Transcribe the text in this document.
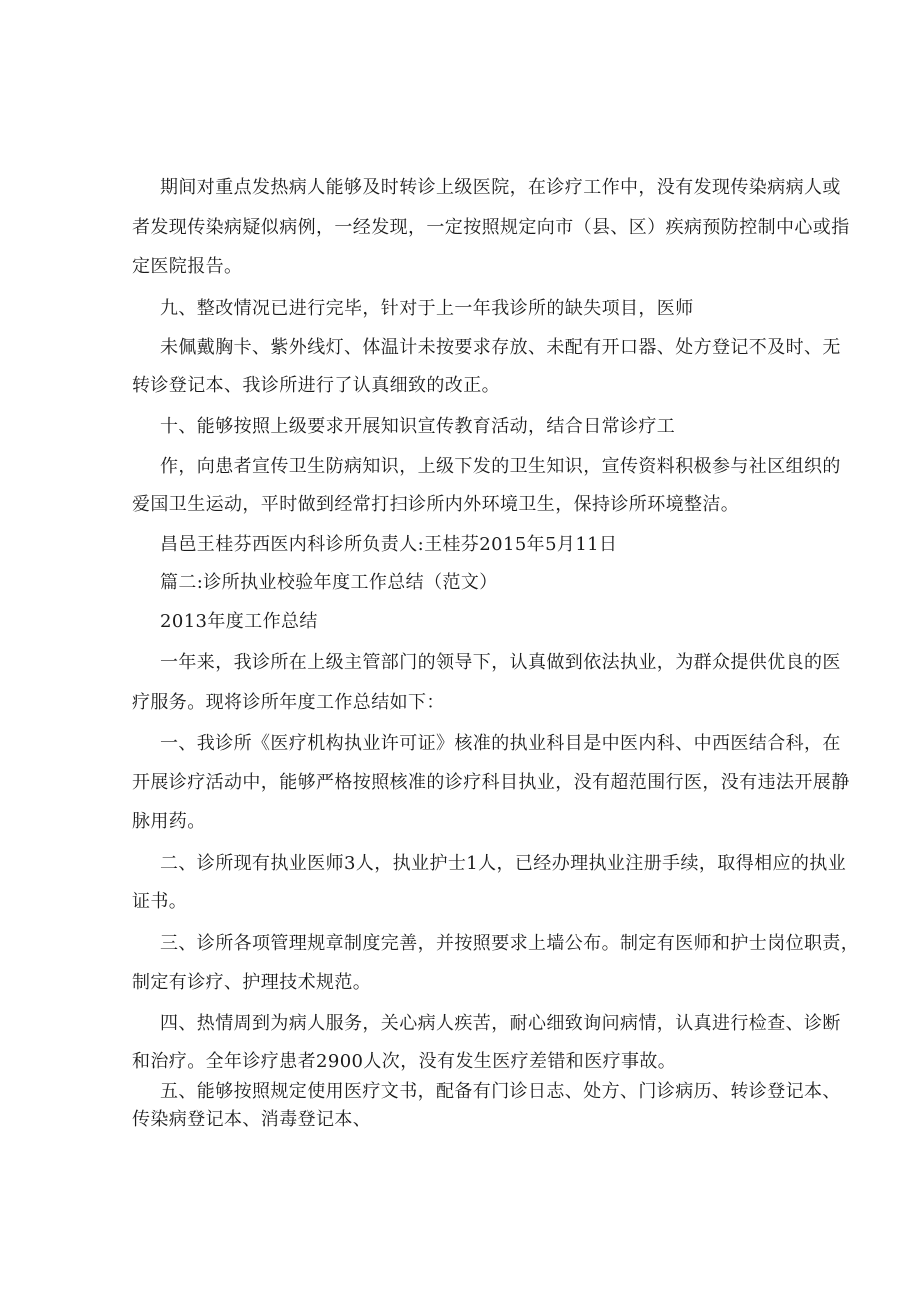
期间对重点发热病人能够及时转诊上级医院，在诊疗工作中，没有发现传染病病人或
者发现传染病疑似病例，一经发现，一定按照规定向市（县、区）疾病预防控制中心或指
定医院报告。
九、整改情况已进行完毕，针对于上一年我诊所的缺失项目，医师
未佩戴胸卡、紫外线灯、体温计未按要求存放、未配有开口器、处方登记不及时、无
转诊登记本、我诊所进行了认真细致的改正。
十、能够按照上级要求开展知识宣传教育活动，结合日常诊疗工
作，向患者宣传卫生防病知识，上级下发的卫生知识，宣传资料积极参与社区组织的
爱国卫生运动，平时做到经常打扫诊所内外环境卫生，保持诊所环境整洁。
昌邑王桂芬西医内科诊所负责人:王桂芬2015年5月11日
篇二:诊所执业校验年度工作总结（范文）
2013年度工作总结
一年来，我诊所在上级主管部门的领导下，认真做到依法执业，为群众提供优良的医
疗服务。现将诊所年度工作总结如下：
一、我诊所《医疗机构执业许可证》核准的执业科目是中医内科、中西医结合科，在
开展诊疗活动中，能够严格按照核准的诊疗科目执业，没有超范围行医，没有违法开展静
脉用药。
二、诊所现有执业医师3人，执业护士1人，已经办理执业注册手续，取得相应的执业
证书。
三、诊所各项管理规章制度完善，并按照要求上墙公布。制定有医师和护士岗位职责，
制定有诊疗、护理技术规范。
四、热情周到为病人服务，关心病人疾苦，耐心细致询问病情，认真进行检查、诊断
和治疗。全年诊疗患者2900人次，没有发生医疗差错和医疗事故。
五、能够按照规定使用医疗文书，配备有门诊日志、处方、门诊病历、转诊登记本、
传染病登记本、消毒登记本、
